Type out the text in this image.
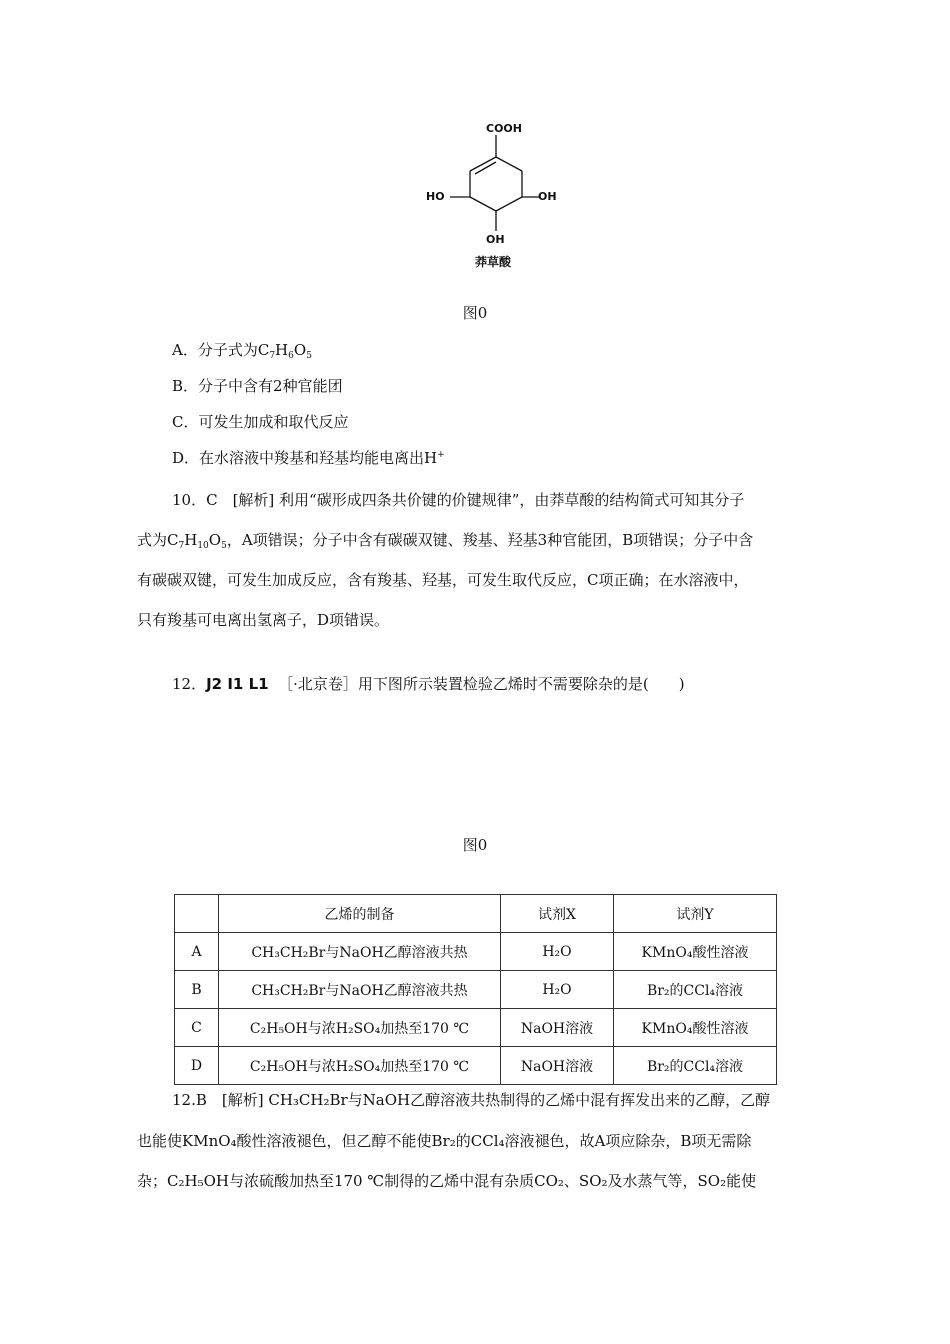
COOH
HO	OH
OH
莽草酸
图0
A．分子式为$C_7H_6O_5$
B．分子中含有2种官能团
C．可发生加成和取代反应
D．在水溶液中羧基和羟基均能电离出H+
10．C　[解析] 利用“碳形成四条共价键的价键规律”，由莽草酸的结构简式可知其分子
式为$C_7H_{10}O_5$，A项错误；分子中含有碳碳双键、羧基、羟基3种官能团，B项错误；分子中含
有碳碳双键，可发生加成反应，含有羧基、羟基，可发生取代反应，C项正确；在水溶液中，
只有羧基可电离出氢离子，D项错误。
12．J2 I1 L1 ［·北京卷］用下图所示装置检验乙烯时不需要除杂的是(　　)
图0
	乙烯的制备	试剂X	试剂Y
A	CH₃CH₂Br与NaOH乙醇溶液共热	H₂O	KMnO₄酸性溶液
B	CH₃CH₂Br与NaOH乙醇溶液共热	H₂O	Br₂的CCl₄溶液
C	C₂H₅OH与浓H₂SO₄加热至170 ℃	NaOH溶液	KMnO₄酸性溶液
D	C₂H₅OH与浓H₂SO₄加热至170 ℃	NaOH溶液	Br₂的CCl₄溶液
12.B　[解析] CH₃CH₂Br与NaOH乙醇溶液共热制得的乙烯中混有挥发出来的乙醇，乙醇
也能使KMnO₄酸性溶液褪色，但乙醇不能使Br₂的CCl₄溶液褪色，故A项应除杂，B项无需除
杂；C₂H₅OH与浓硫酸加热至170 ℃制得的乙烯中混有杂质CO₂、SO₂及水蒸气等，SO₂能使
